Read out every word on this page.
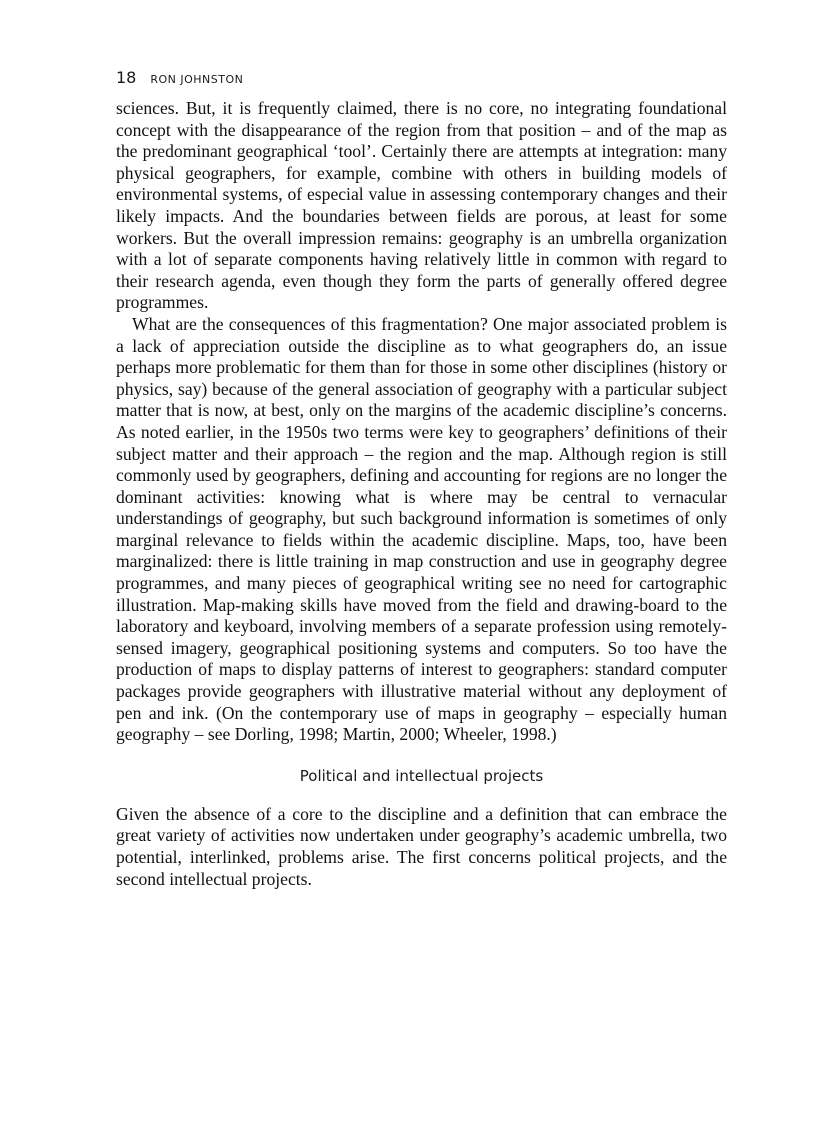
18 RON JOHNSTON

sciences. But, it is frequently claimed, there is no core, no integrating foundational concept with the disappearance of the region from that position – and of the map as the predominant geographical ‘tool’. Certainly there are attempts at integration: many physical geographers, for example, combine with others in building models of environmental systems, of especial value in assessing contemporary changes and their likely impacts. And the boundaries between fields are porous, at least for some workers. But the overall impression remains: geography is an umbrella organization with a lot of separate components having relatively little in common with regard to their research agenda, even though they form the parts of generally offered degree programmes.

What are the consequences of this fragmentation? One major associated problem is a lack of appreciation outside the discipline as to what geographers do, an issue perhaps more problematic for them than for those in some other disciplines (history or physics, say) because of the general association of geography with a particular subject matter that is now, at best, only on the margins of the academic discipline’s concerns. As noted earlier, in the 1950s two terms were key to geographers’ definitions of their subject matter and their approach – the region and the map. Although region is still commonly used by geographers, defining and accounting for regions are no longer the dominant activities: knowing what is where may be central to vernacular understandings of geography, but such background information is sometimes of only marginal relevance to fields within the academic discipline. Maps, too, have been marginalized: there is little training in map construction and use in geography degree programmes, and many pieces of geographical writing see no need for cartographic illustration. Map-making skills have moved from the field and drawing-board to the laboratory and keyboard, involving members of a separate profession using remotely-sensed imagery, geographical positioning systems and computers. So too have the production of maps to display patterns of interest to geographers: standard computer packages provide geographers with illustrative material without any deployment of pen and ink. (On the contemporary use of maps in geography – especially human geography – see Dorling, 1998; Martin, 2000; Wheeler, 1998.)

Political and intellectual projects

Given the absence of a core to the discipline and a definition that can embrace the great variety of activities now undertaken under geography’s academic umbrella, two potential, interlinked, problems arise. The first concerns political projects, and the second intellectual projects.
